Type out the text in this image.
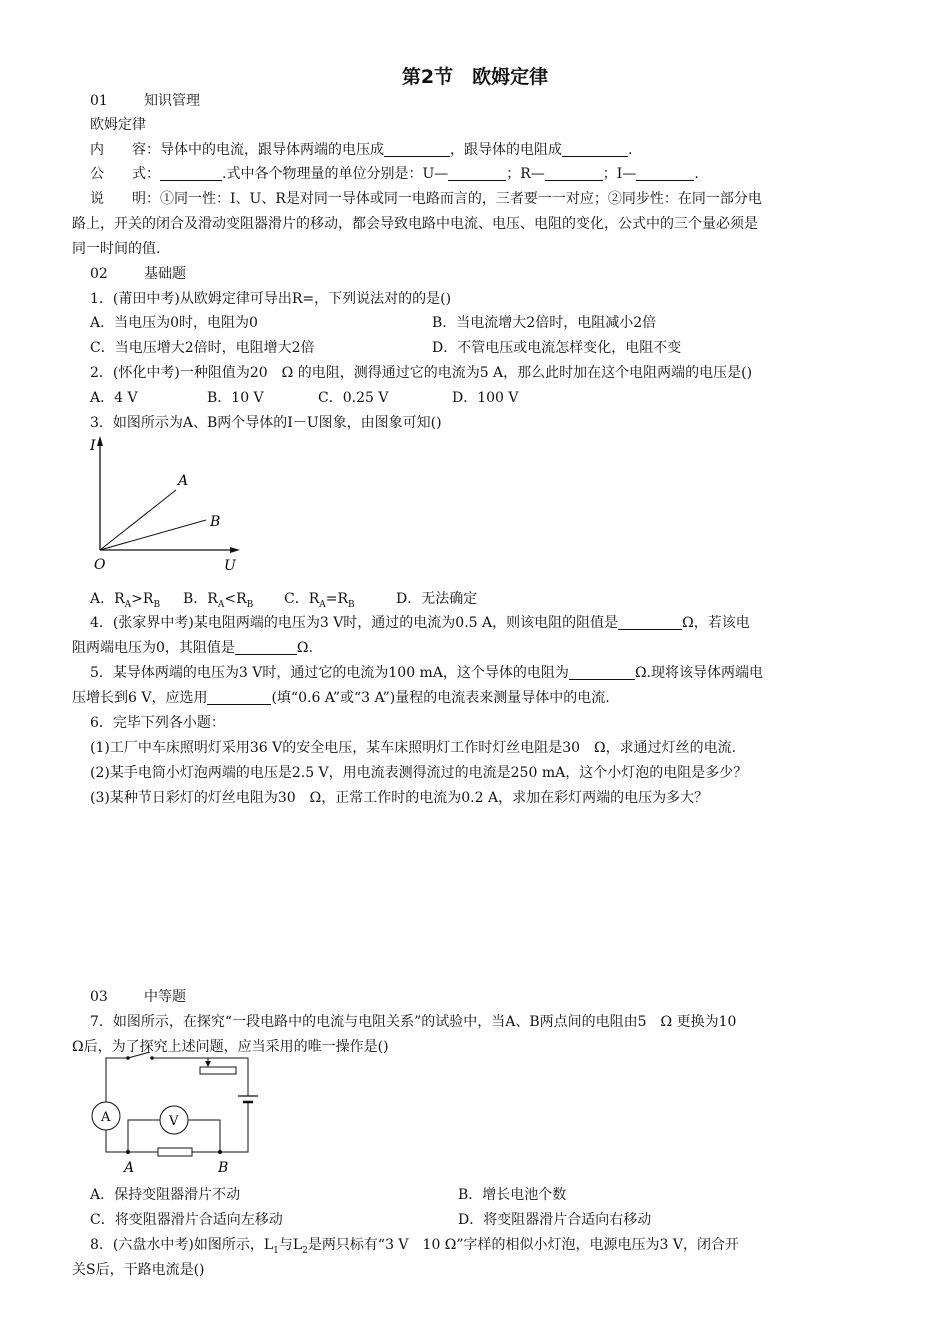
第2节　欧姆定律
01	知识管理
欧姆定律
内　　容：导体中的电流，跟导体两端的电压成	，跟导体的电阻成	.
公　　式：	.式中各个物理量的单位分别是：U—	；R—	；I—	.
说　　明：①同一性：I、U、R是对同一导体或同一电路而言的，三者要一一对应；②同步性：在同一部分电
路上，开关的闭合及滑动变阻器滑片的移动，都会导致电路中电流、电压、电阻的变化，公式中的三个量必须是
同一时间的值.
02	基础题
1．(莆田中考)从欧姆定律可导出R=，下列说法对的的是()
A．当电压为0时，电阻为0	B．当电流增大2倍时，电阻减小2倍
C．当电压增大2倍时，电阻增大2倍	D．不管电压或电流怎样变化，电阻不变
2．(怀化中考)一种阻值为20　Ω 的电阻，测得通过它的电流为5 A，那么此时加在这个电阻两端的电压是()
A．4 V	B．10 V	C．0.25 V	D．100 V
3．如图所示为A、B两个导体的I－U图象，由图象可知()
I
U
O
A
B
A．$R_A>R_B$ B．$R_A<R_B$ C．$R_A=R_B$	D．无法确定
4．(张家界中考)某电阻两端的电压为3 V时，通过的电流为0.5 A，则该电阻的阻值是	Ω，若该电
阻两端电压为0，其阻值是	Ω.
5．某导体两端的电压为3 V时，通过它的电流为100 mA，这个导体的电阻为	Ω.现将该导体两端电
压增长到6 V，应选用	(填“0.6 A”或“3 A”)量程的电流表来测量导体中的电流.
6．完毕下列各小题：
(1)工厂中车床照明灯采用36 V的安全电压，某车床照明灯工作时灯丝电阻是30　Ω，求通过灯丝的电流.
(2)某手电筒小灯泡两端的电压是2.5 V，用电流表测得流过的电流是250 mA，这个小灯泡的电阻是多少？
(3)某种节日彩灯的灯丝电阻为30　Ω，正常工作时的电流为0.2 A，求加在彩灯两端的电压为多大？
03	中等题
7．如图所示，在探究“一段电路中的电流与电阻关系”的试验中，当A、B两点间的电阻由5　Ω 更换为10
Ω后，为了探究上述问题，应当采用的唯一操作是()
A	V
A	B
A．保持变阻器滑片不动	B．增长电池个数
C．将变阻器滑片合适向左移动	D．将变阻器滑片合适向右移动
8．(六盘水中考)如图所示，$L_1$与$L_2$是两只标有“3 V　10 Ω”字样的相似小灯泡，电源电压为3 V，闭合开
关S后，干路电流是()
